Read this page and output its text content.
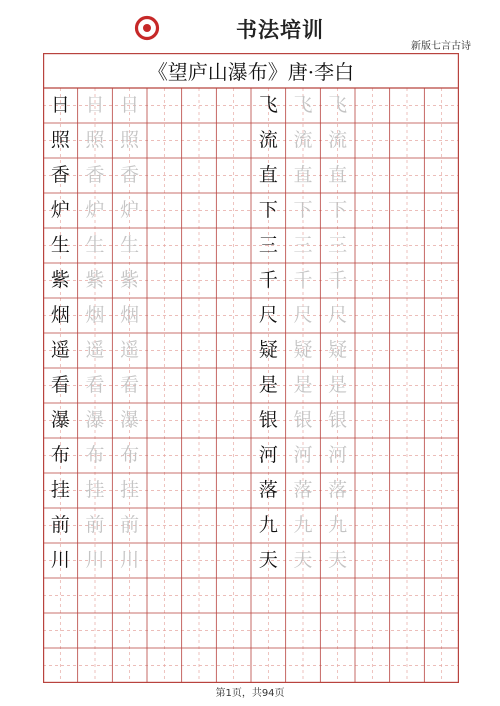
书法培训
新版七言古诗
《望庐山瀑布》唐·李白
日 日 日
照 照 照
香 香 香
炉 炉 炉
生 生 生
紫 紫 紫
烟 烟 烟
遥 遥 遥
看 看 看
瀑 瀑 瀑
布 布 布
挂 挂 挂
前 前 前
川 川 川
飞 飞 飞
流 流 流
直 直 直
下 下 下
三 三 三
千 千 千
尺 尺 尺
疑 疑 疑
是 是 是
银 银 银
河 河 河
落 落 落
九 九 九
天 天 天
第1页，共94页
